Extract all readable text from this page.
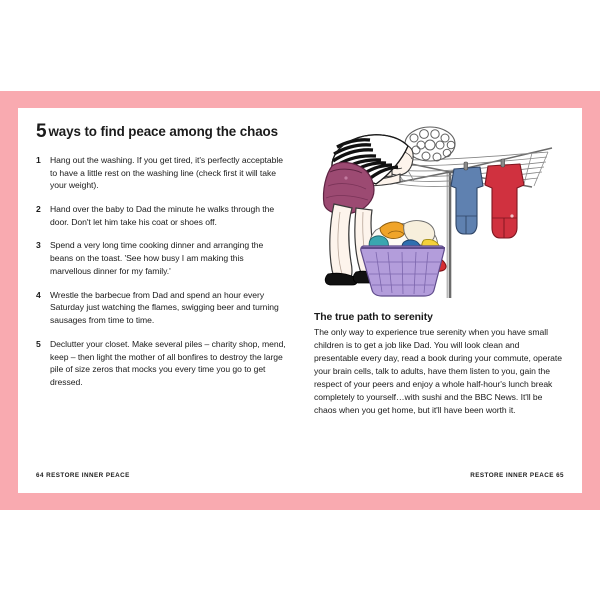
5 ways to find peace among the chaos
1 Hang out the washing. If you get tired, it's perfectly acceptable to have a little rest on the washing line (check first it will take your weight).
2 Hand over the baby to Dad the minute he walks through the door. Don't let him take his coat or shoes off.
3 Spend a very long time cooking dinner and arranging the beans on the toast. 'See how busy I am making this marvellous dinner for my family.'
4 Wrestle the barbecue from Dad and spend an hour every Saturday just watching the flames, swigging beer and turning sausages from time to time.
5 Declutter your closet. Make several piles – charity shop, mend, keep – then light the mother of all bonfires to destroy the large pile of size zeros that mocks you every time you go to get dressed.
64 RESTORE INNER PEACE
The true path to serenity

The only way to experience true serenity when you have small children is to get a job like Dad. You will look clean and presentable every day, read a book during your commute, operate your brain cells, talk to adults, have them listen to you, gain the respect of your peers and enjoy a whole half-hour's lunch break completely to yourself…with sushi and the BBC News. It'll be chaos when you get home, but it'll have been worth it.

RESTORE INNER PEACE 65
